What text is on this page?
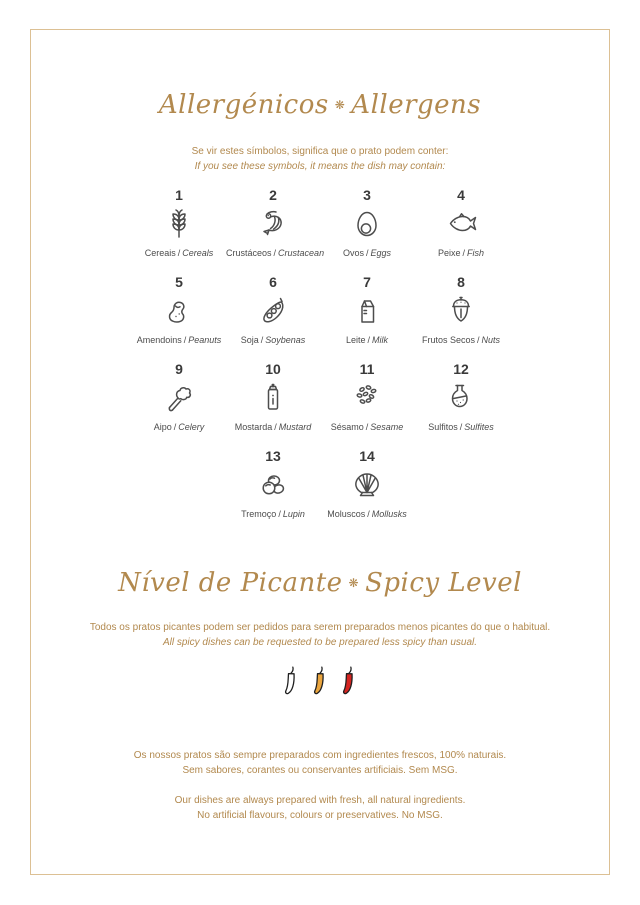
Allergénicos ❋ Allergens
Se vir estes símbolos, significa que o prato podem conter:
If you see these symbols, it means the dish may contain:
1
Cereais / Cereals
2
Crustáceos / Crustacean
3
Ovos / Eggs
4
Peixe / Fish
5
Amendoins / Peanuts
6
Soja / Soybenas
7
Leite / Milk
8
Frutos Secos / Nuts
9
Aipo / Celery
10
Mostarda / Mustard
11
Sésamo / Sesame
12
Sulfitos / Sulfites
13
Tremoço / Lupin
14
Moluscos / Mollusks
Nível de Picante ❋ Spicy Level
Todos os pratos picantes podem ser pedidos para serem preparados menos picantes do que o habitual.
All spicy dishes can be requested to be prepared less spicy than usual.
Os nossos pratos são sempre preparados com ingredientes frescos, 100% naturais.
Sem sabores, corantes ou conservantes artificiais. Sem MSG.
Our dishes are always prepared with fresh, all natural ingredients.
No artificial flavours, colours or preservatives. No MSG.
